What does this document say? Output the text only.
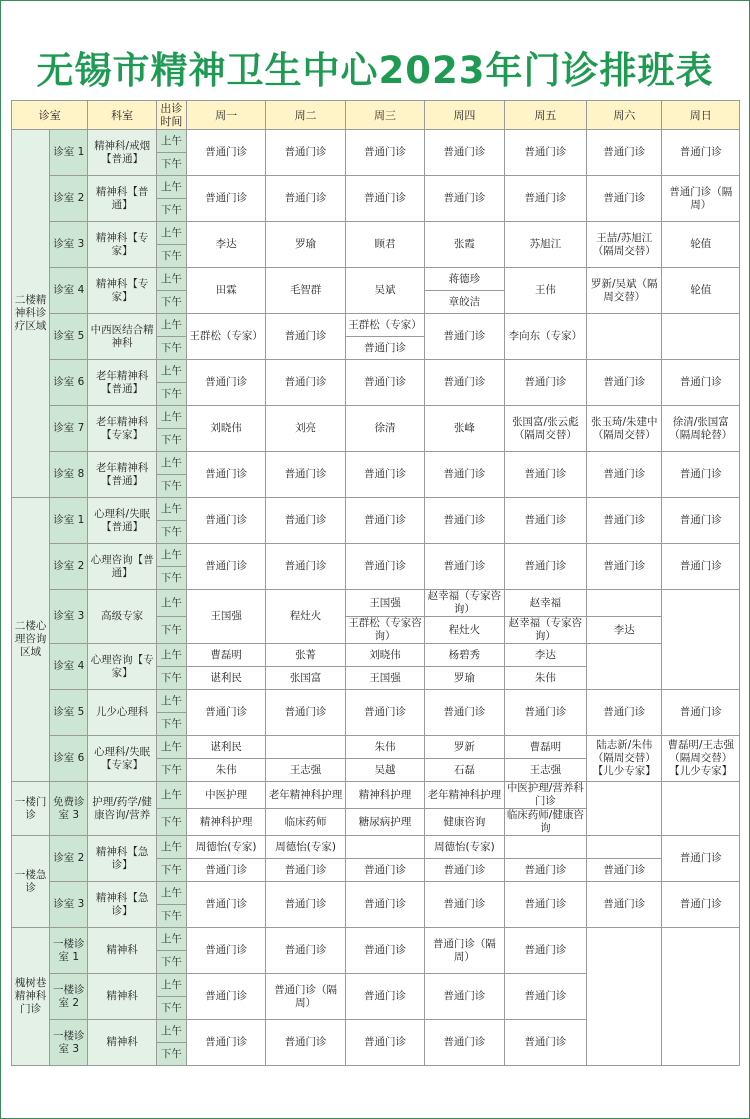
无锡市精神卫生中心2023年门诊排班表
诊室		科室	出诊时间	周一	周二	周三	周四	周五	周六	周日
二楼精神科诊疗区域	诊室 1	精神科/戒烟【普通】	上午	普通门诊	普通门诊	普通门诊	普通门诊	普通门诊	普通门诊	普通门诊
			下午							
	诊室 2	精神科【普通】	上午	普通门诊	普通门诊	普通门诊	普通门诊	普通门诊	普通门诊	普通门诊（隔周）
			下午							
	诊室 3	精神科【专家】	上午	李达	罗瑜	顾君	张霞	苏旭江	王喆/苏旭江（隔周交替）	轮值
			下午							
	诊室 4	精神科【专家】	上午	田霖	毛智群	吴斌	蒋德珍	王伟	罗新/吴斌（隔周交替）	轮值
			下午				章皎洁			
	诊室 5	中西医结合精神科	上午	王群松（专家）	普通门诊	王群松（专家）	普通门诊	李向东（专家）		
			下午			普通门诊				
	诊室 6	老年精神科【普通】	上午	普通门诊	普通门诊	普通门诊	普通门诊	普通门诊	普通门诊	普通门诊
			下午							
	诊室 7	老年精神科【专家】	上午	刘晓伟	刘亮	徐清	张峰	张国富/张云彪（隔周交替）	张玉琦/朱建中（隔周交替）	徐清/张国富（隔周轮替）
			下午							
	诊室 8	老年精神科【普通】	上午	普通门诊	普通门诊	普通门诊	普通门诊	普通门诊	普通门诊	普通门诊
			下午							
二楼心理咨询区域	诊室 1	心理科/失眠【普通】	上午	普通门诊	普通门诊	普通门诊	普通门诊	普通门诊	普通门诊	普通门诊
			下午							
	诊室 2	心理咨询【普通】	上午	普通门诊	普通门诊	普通门诊	普通门诊	普通门诊	普通门诊	普通门诊
			下午							
	诊室 3	高级专家	上午	王国强	程灶火	王国强	赵幸福（专家咨询）	赵幸福		
			下午			王群松（专家咨询）	程灶火	赵幸福（专家咨询）	李达	
	诊室 4	心理咨询【专家】	上午	曹磊明	张菁	刘晓伟	杨碧秀	李达		
			下午	谌利民	张国富	王国强	罗瑜	朱伟		
	诊室 5	儿少心理科	上午	普通门诊	普通门诊	普通门诊	普通门诊	普通门诊	普通门诊	普通门诊
			下午							
	诊室 6	心理科/失眠【专家】	上午	谌利民		朱伟	罗新	曹磊明	陆志新/朱伟（隔周交替）【儿少专家】	曹磊明/王志强（隔周交替）【儿少专家】
			下午	朱伟	王志强	吴越	石磊	王志强		
一楼门诊	免费诊室 3	护理/药学/健康咨询/营养	上午	中医护理	老年精神科护理	精神科护理	老年精神科护理	中医护理/营养科门诊		
			下午	精神科护理	临床药师	糖尿病护理	健康咨询	临床药师/健康咨询		
一楼急诊	诊室 2	精神科【急诊】	上午	周德怡(专家)	周德怡(专家)		周德怡(专家)			普通门诊
			下午	普通门诊	普通门诊	普通门诊	普通门诊	普通门诊	普通门诊	
	诊室 3	精神科【急诊】	上午	普通门诊	普通门诊	普通门诊	普通门诊	普通门诊	普通门诊	普通门诊
			下午							
槐树巷精神科门诊	一楼诊室 1	精神科	上午	普通门诊	普通门诊	普通门诊	普通门诊（隔周）	普通门诊		
			下午							
	一楼诊室 2	精神科	上午	普通门诊	普通门诊（隔周）	普通门诊	普通门诊	普通门诊		
			下午							
	一楼诊室 3	精神科	上午	普通门诊	普通门诊	普通门诊	普通门诊	普通门诊		
			下午							
